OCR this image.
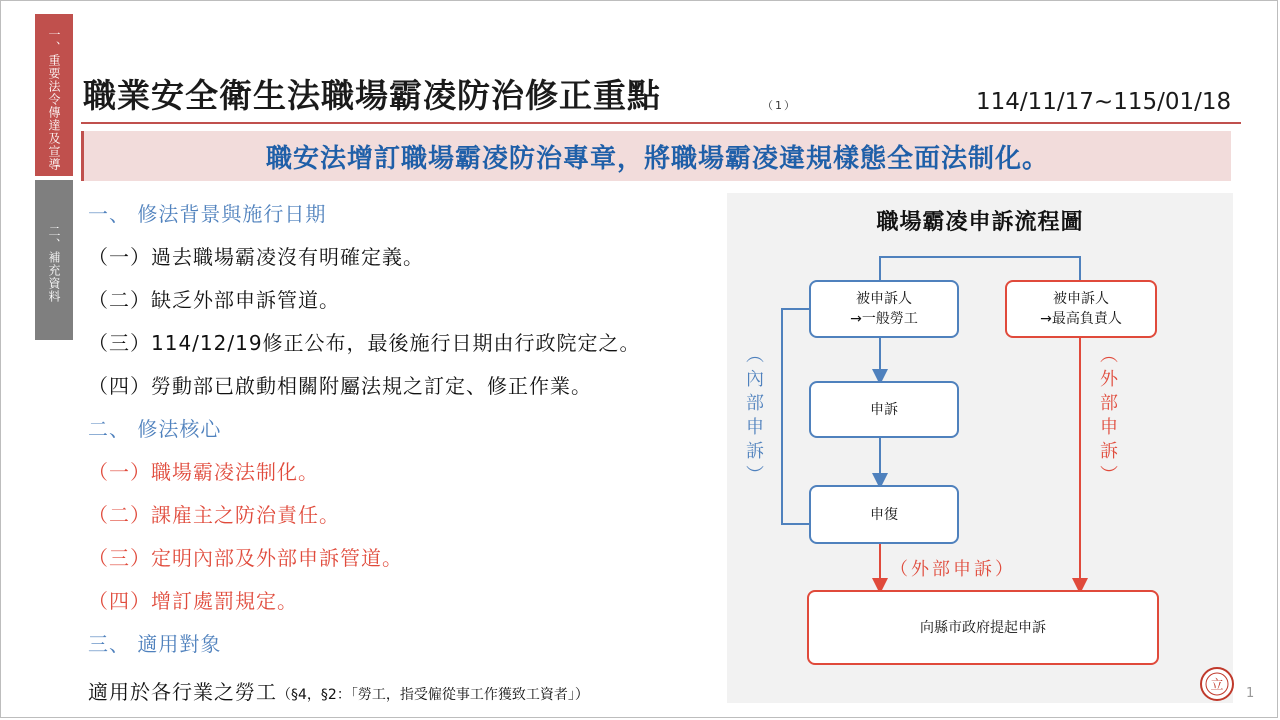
一、重要法令傳達及宣導
二、補充資料
職業安全衛生法職場霸凌防治修正重點	（1）	114/11/17~115/01/18
職安法增訂職場霸凌防治專章，將職場霸凌違規樣態全面法制化。
一、 修法背景與施行日期
（一）過去職場霸凌沒有明確定義。
（二）缺乏外部申訴管道。
（三）114/12/19修正公布，最後施行日期由行政院定之。
（四）勞動部已啟動相關附屬法規之訂定、修正作業。
二、 修法核心
（一）職場霸凌法制化。
（二）課雇主之防治責任。
（三）定明內部及外部申訴管道。
（四）增訂處罰規定。
三、 適用對象
適用於各行業之勞工（§4，§2：「勞工，指受僱從事工作獲致工資者」）
職場霸凌申訴流程圖
被申訴人
→一般勞工
被申訴人
→最高負責人
申訴
申復
向縣市政府提起申訴
（內部申訴）	（外部申訴）
（外部申訴）
立
1
